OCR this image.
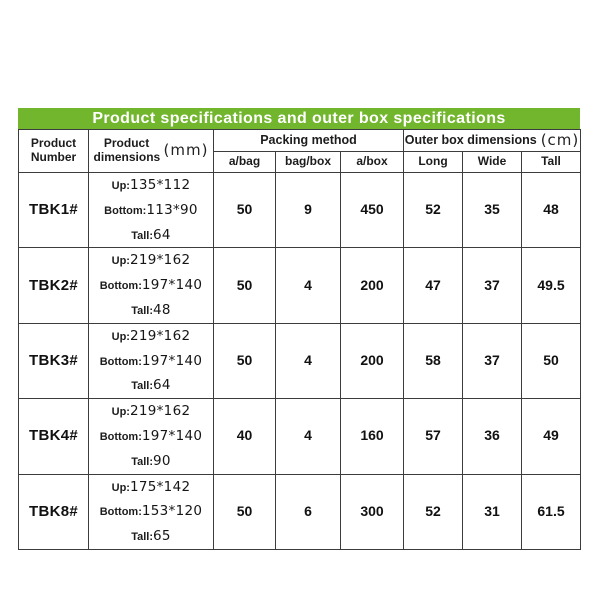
Product specifications and outer box specifications
Product Number	Product dimensions (mm)	Packing method			Outer box dimensions (cm)		

		a/bag	bag/box	a/box	Long	Wide	Tall
TBK1#	Up:135*112
Bottom:113*90
Tall:64	50	9	450	52	35	48
TBK2#	Up:219*162
Bottom:197*140
Tall:48	50	4	200	47	37	49.5
TBK3#	Up:219*162
Bottom:197*140
Tall:64	50	4	200	58	37	50
TBK4#	Up:219*162
Bottom:197*140
Tall:90	40	4	160	57	36	49
TBK8#	Up:175*142
Bottom:153*120
Tall:65	50	6	300	52	31	61.5
